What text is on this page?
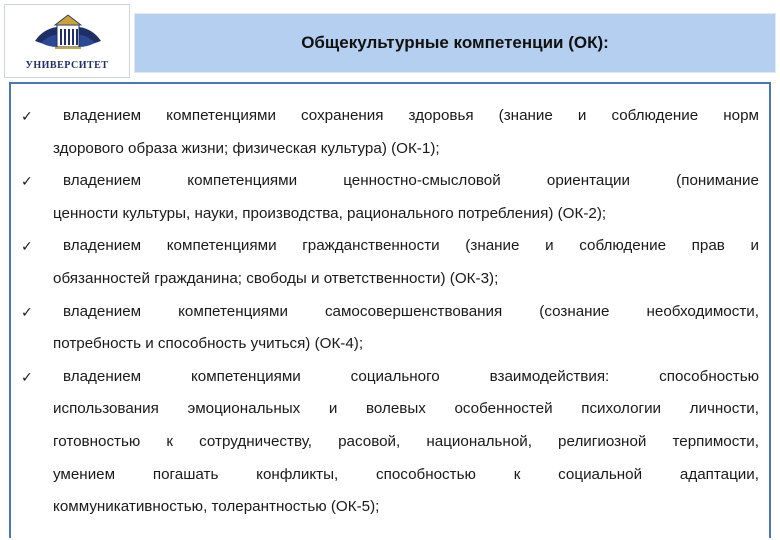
УНИВЕРСИТЕТ
Общекультурные компетенции (ОК):
✓ владением компетенциями сохранения здоровья (знание и соблюдение норм
здорового образа жизни; физическая культура) (ОК-1);
✓ владением компетенциями ценностно-смысловой ориентации (понимание
ценности культуры, науки, производства, рационального потребления) (ОК-2);
✓ владением компетенциями гражданственности (знание и соблюдение прав и
обязанностей гражданина; свободы и ответственности) (ОК-3);
✓ владением компетенциями самосовершенствования (сознание необходимости,
потребность и способность учиться) (ОК-4);
✓ владением компетенциями социального взаимодействия: способностью
использования эмоциональных и волевых особенностей психологии личности,
готовностью к сотрудничеству, расовой, национальной, религиозной терпимости,
умением погашать конфликты, способностью к социальной адаптации,
коммуникативностью, толерантностью (ОК-5);
